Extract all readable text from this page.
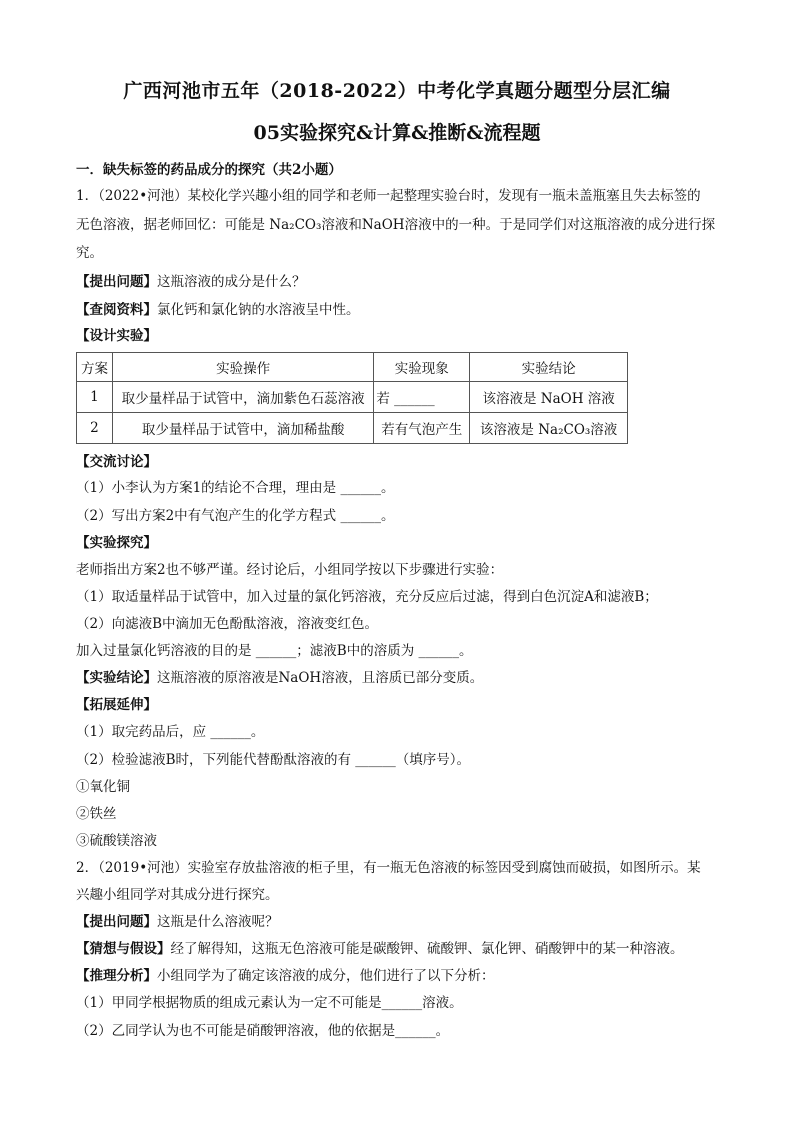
广西河池市五年（2018-2022）中考化学真题分题型分层汇编
05实验探究&计算&推断&流程题
一．缺失标签的药品成分的探究（共2小题）
1．（2022•河池）某校化学兴趣小组的同学和老师一起整理实验台时，发现有一瓶未盖瓶塞且失去标签的
无色溶液，据老师回忆：可能是 Na₂CO₃溶液和NaOH溶液中的一种。于是同学们对这瓶溶液的成分进行探
究。
【提出问题】这瓶溶液的成分是什么？
【查阅资料】氯化钙和氯化钠的水溶液呈中性。
【设计实验】
方案	实验操作	实验现象	实验结论
1	取少量样品于试管中，滴加紫色石蕊溶液	若 ______	该溶液是 NaOH 溶液
2	取少量样品于试管中，滴加稀盐酸	若有气泡产生	该溶液是 Na₂CO₃溶液
【交流讨论】
（1）小李认为方案1的结论不合理，理由是 ______。
（2）写出方案2中有气泡产生的化学方程式 ______。
【实验探究】
老师指出方案2也不够严谨。经讨论后，小组同学按以下步骤进行实验：
（1）取适量样品于试管中，加入过量的氯化钙溶液，充分反应后过滤，得到白色沉淀A和滤液B；
（2）向滤液B中滴加无色酚酞溶液，溶液变红色。
加入过量氯化钙溶液的目的是 ______；滤液B中的溶质为 ______。
【实验结论】这瓶溶液的原溶液是NaOH溶液，且溶质已部分变质。
【拓展延伸】
（1）取完药品后，应 ______。
（2）检验滤液B时，下列能代替酚酞溶液的有 ______（填序号）。
①氧化铜
②铁丝
③硫酸镁溶液
2．（2019•河池）实验室存放盐溶液的柜子里，有一瓶无色溶液的标签因受到腐蚀而破损，如图所示。某
兴趣小组同学对其成分进行探究。
【提出问题】这瓶是什么溶液呢？
【猜想与假设】经了解得知，这瓶无色溶液可能是碳酸钾、硫酸钾、氯化钾、硝酸钾中的某一种溶液。
【推理分析】小组同学为了确定该溶液的成分，他们进行了以下分析：
（1）甲同学根据物质的组成元素认为一定不可能是______溶液。
（2）乙同学认为也不可能是硝酸钾溶液，他的依据是______。
